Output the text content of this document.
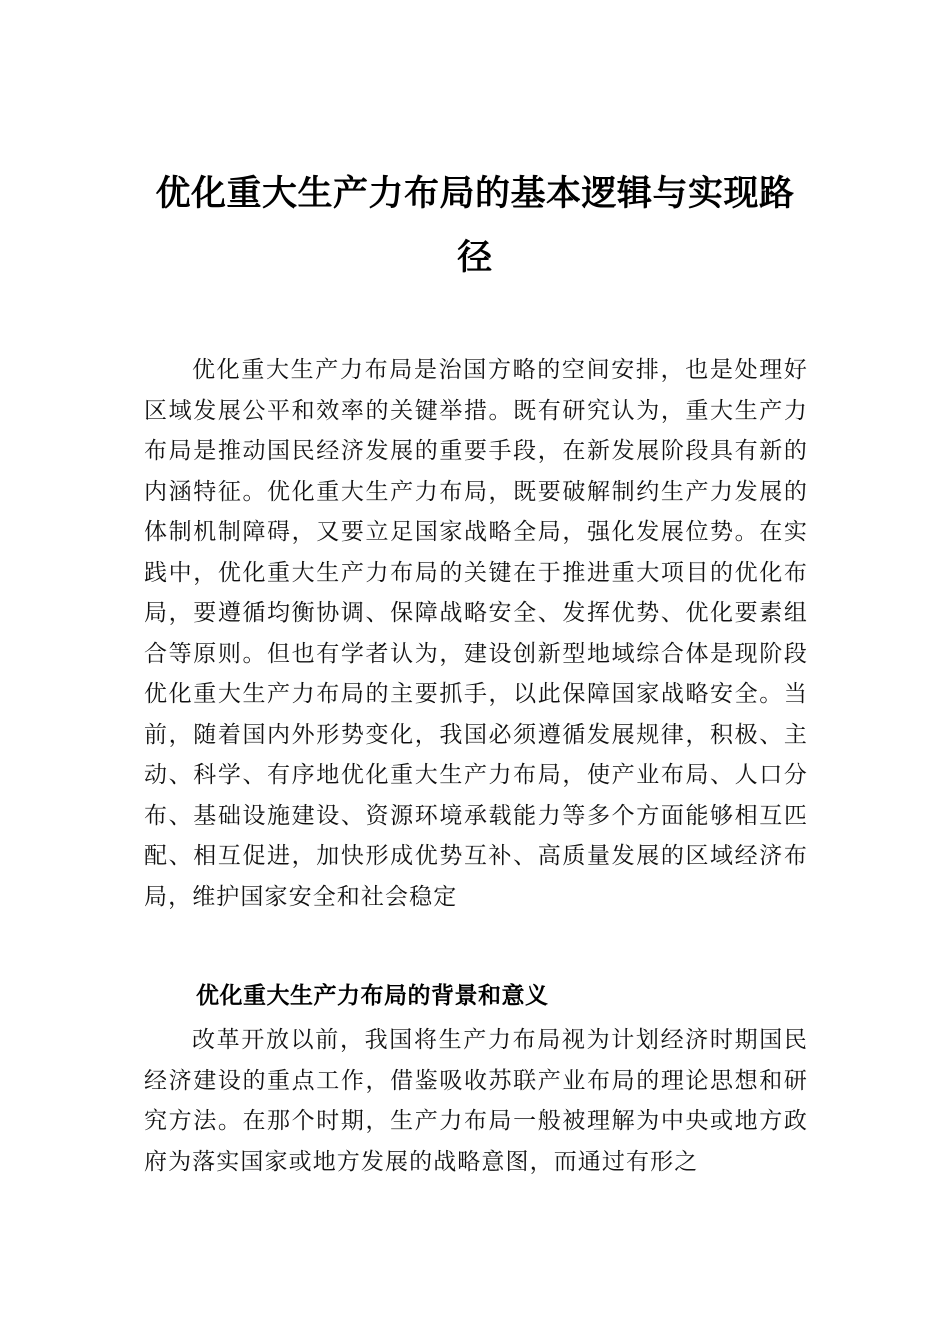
优化重大生产力布局的基本逻辑与实现路径

优化重大生产力布局是治国方略的空间安排，也是处理好区域发展公平和效率的关键举措。既有研究认为，重大生产力布局是推动国民经济发展的重要手段，在新发展阶段具有新的内涵特征。优化重大生产力布局，既要破解制约生产力发展的体制机制障碍，又要立足国家战略全局，强化发展位势。在实践中，优化重大生产力布局的关键在于推进重大项目的优化布局，要遵循均衡协调、保障战略安全、发挥优势、优化要素组合等原则。但也有学者认为，建设创新型地域综合体是现阶段优化重大生产力布局的主要抓手，以此保障国家战略安全。当前，随着国内外形势变化，我国必须遵循发展规律，积极、主动、科学、有序地优化重大生产力布局，使产业布局、人口分布、基础设施建设、资源环境承载能力等多个方面能够相互匹配、相互促进，加快形成优势互补、高质量发展的区域经济布局，维护国家安全和社会稳定

优化重大生产力布局的背景和意义

改革开放以前，我国将生产力布局视为计划经济时期国民经济建设的重点工作，借鉴吸收苏联产业布局的理论思想和研究方法。在那个时期，生产力布局一般被理解为中央或地方政府为落实国家或地方发展的战略意图，而通过有形之
